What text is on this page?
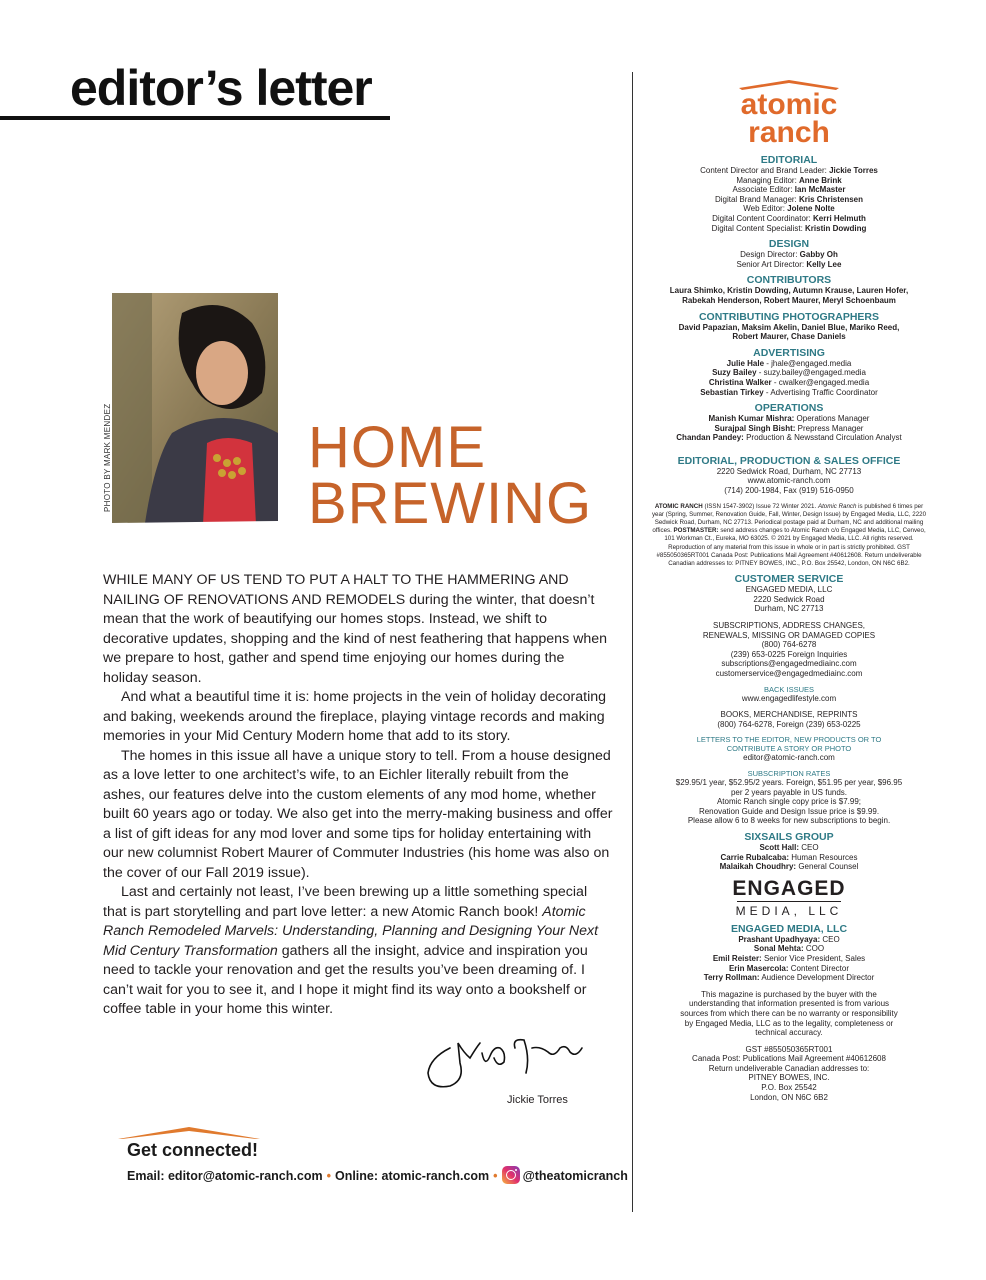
editor’s letter
PHOTO BY MARK MENDEZ	HOME
BREWING

WHILE MANY OF US TEND TO PUT A HALT TO THE HAMMERING AND NAILING OF RENOVATIONS AND REMODELS during the winter, that doesn’t mean that the work of beautifying our homes stops. Instead, we shift to decorative updates, shopping and the kind of nest feathering that happens when we prepare to host, gather and spend time enjoying our homes during the holiday season.

And what a beautiful time it is: home projects in the vein of holiday decorating and baking, weekends around the fireplace, playing vintage records and making memories in your Mid Century Modern home that add to its story.

The homes in this issue all have a unique story to tell. From a house designed as a love letter to one architect’s wife, to an Eichler literally rebuilt from the ashes, our features delve into the custom elements of any mod home, whether built 60 years ago or today. We also get into the merry-making business and offer a list of gift ideas for any mod lover and some tips for holiday entertaining with our new columnist Robert Maurer of Commuter Industries (his home was also on the cover of our Fall 2019 issue).

Last and certainly not least, I’ve been brewing up a little something special that is part storytelling and part love letter: a new Atomic Ranch book! Atomic Ranch Remodeled Marvels: Understanding, Planning and Designing Your Next Mid Century Transformation gathers all the insight, advice and inspiration you need to tackle your renovation and get the results you’ve been dreaming of. I can’t wait for you to see it, and I hope it might find its way onto a bookshelf or coffee table in your home this winter.

Jickie Torres
Get connected!
Email: editor@atomic-ranch.com • Online: atomic-ranch.com • @theatomicranch
atomic
ranch
EDITORIAL
Content Director and Brand Leader: Jickie Torres
Managing Editor: Anne Brink
Associate Editor: Ian McMaster
Digital Brand Manager: Kris Christensen
Web Editor: Jolene Nolte
Digital Content Coordinator: Kerri Helmuth
Digital Content Specialist: Kristin Dowding
DESIGN
Design Director: Gabby Oh
Senior Art Director: Kelly Lee
CONTRIBUTORS
Laura Shimko, Kristin Dowding, Autumn Krause, Lauren Hofer,
Rabekah Henderson, Robert Maurer, Meryl Schoenbaum
CONTRIBUTING PHOTOGRAPHERS
David Papazian, Maksim Akelin, Daniel Blue, Mariko Reed,
Robert Maurer, Chase Daniels
ADVERTISING
Julie Hale - jhale@engaged.media
Suzy Bailey - suzy.bailey@engaged.media
Christina Walker - cwalker@engaged.media
Sebastian Tirkey - Advertising Traffic Coordinator
OPERATIONS
Manish Kumar Mishra: Operations Manager
Surajpal Singh Bisht: Prepress Manager
Chandan Pandey: Production & Newsstand Circulation Analyst
EDITORIAL, PRODUCTION & SALES OFFICE
2220 Sedwick Road, Durham, NC 27713
www.atomic-ranch.com
(714) 200-1984, Fax (919) 516-0950
ATOMIC RANCH (ISSN 1547-3902) Issue 72 Winter 2021. Atomic Ranch is published 6 times per year (Spring, Summer, Renovation Guide, Fall, Winter, Design Issue) by Engaged Media, LLC, 2220 Sedwick Road, Durham, NC 27713. Periodical postage paid at Durham, NC and additional mailing offices. POSTMASTER: send address changes to Atomic Ranch c/o Engaged Media, LLC, Cenveo, 101 Workman Ct., Eureka, MO 63025. © 2021 by Engaged Media, LLC. All rights reserved. Reproduction of any material from this issue in whole or in part is strictly prohibited. GST #855050365RT001 Canada Post: Publications Mail Agreement #40612608. Return undeliverable Canadian addresses to: PITNEY BOWES, INC., P.O. Box 25542, London, ON N6C 6B2.
CUSTOMER SERVICE
ENGAGED MEDIA, LLC
2220 Sedwick Road
Durham, NC 27713
SUBSCRIPTIONS, ADDRESS CHANGES,
RENEWALS, MISSING OR DAMAGED COPIES
(800) 764-6278
(239) 653-0225 Foreign Inquiries
subscriptions@engagedmediainc.com
customerservice@engagedmediainc.com
BACK ISSUES
www.engagedlifestyle.com
BOOKS, MERCHANDISE, REPRINTS
(800) 764-6278, Foreign (239) 653-0225
LETTERS TO THE EDITOR, NEW PRODUCTS OR TO
CONTRIBUTE A STORY OR PHOTO
editor@atomic-ranch.com
SUBSCRIPTION RATES
$29.95/1 year, $52.95/2 years. Foreign, $51.95 per year, $96.95
per 2 years payable in US funds.
Atomic Ranch single copy price is $7.99;
Renovation Guide and Design Issue price is $9.99.
Please allow 6 to 8 weeks for new subscriptions to begin.
SIXSAILS GROUP
Scott Hall: CEO
Carrie Rubalcaba: Human Resources
Malaikah Choudhry: General Counsel
ENGAGED
MEDIA, LLC
ENGAGED MEDIA, LLC
Prashant Upadhyaya: CEO
Sonal Mehta: COO
Emil Reister: Senior Vice President, Sales
Erin Masercola: Content Director
Terry Rollman: Audience Development Director
This magazine is purchased by the buyer with the
understanding that information presented is from various
sources from which there can be no warranty or responsibility
by Engaged Media, LLC as to the legality, completeness or
technical accuracy.
GST #855050365RT001
Canada Post: Publications Mail Agreement #40612608
Return undeliverable Canadian addresses to:
PITNEY BOWES, INC.
P.O. Box 25542
London, ON N6C 6B2
